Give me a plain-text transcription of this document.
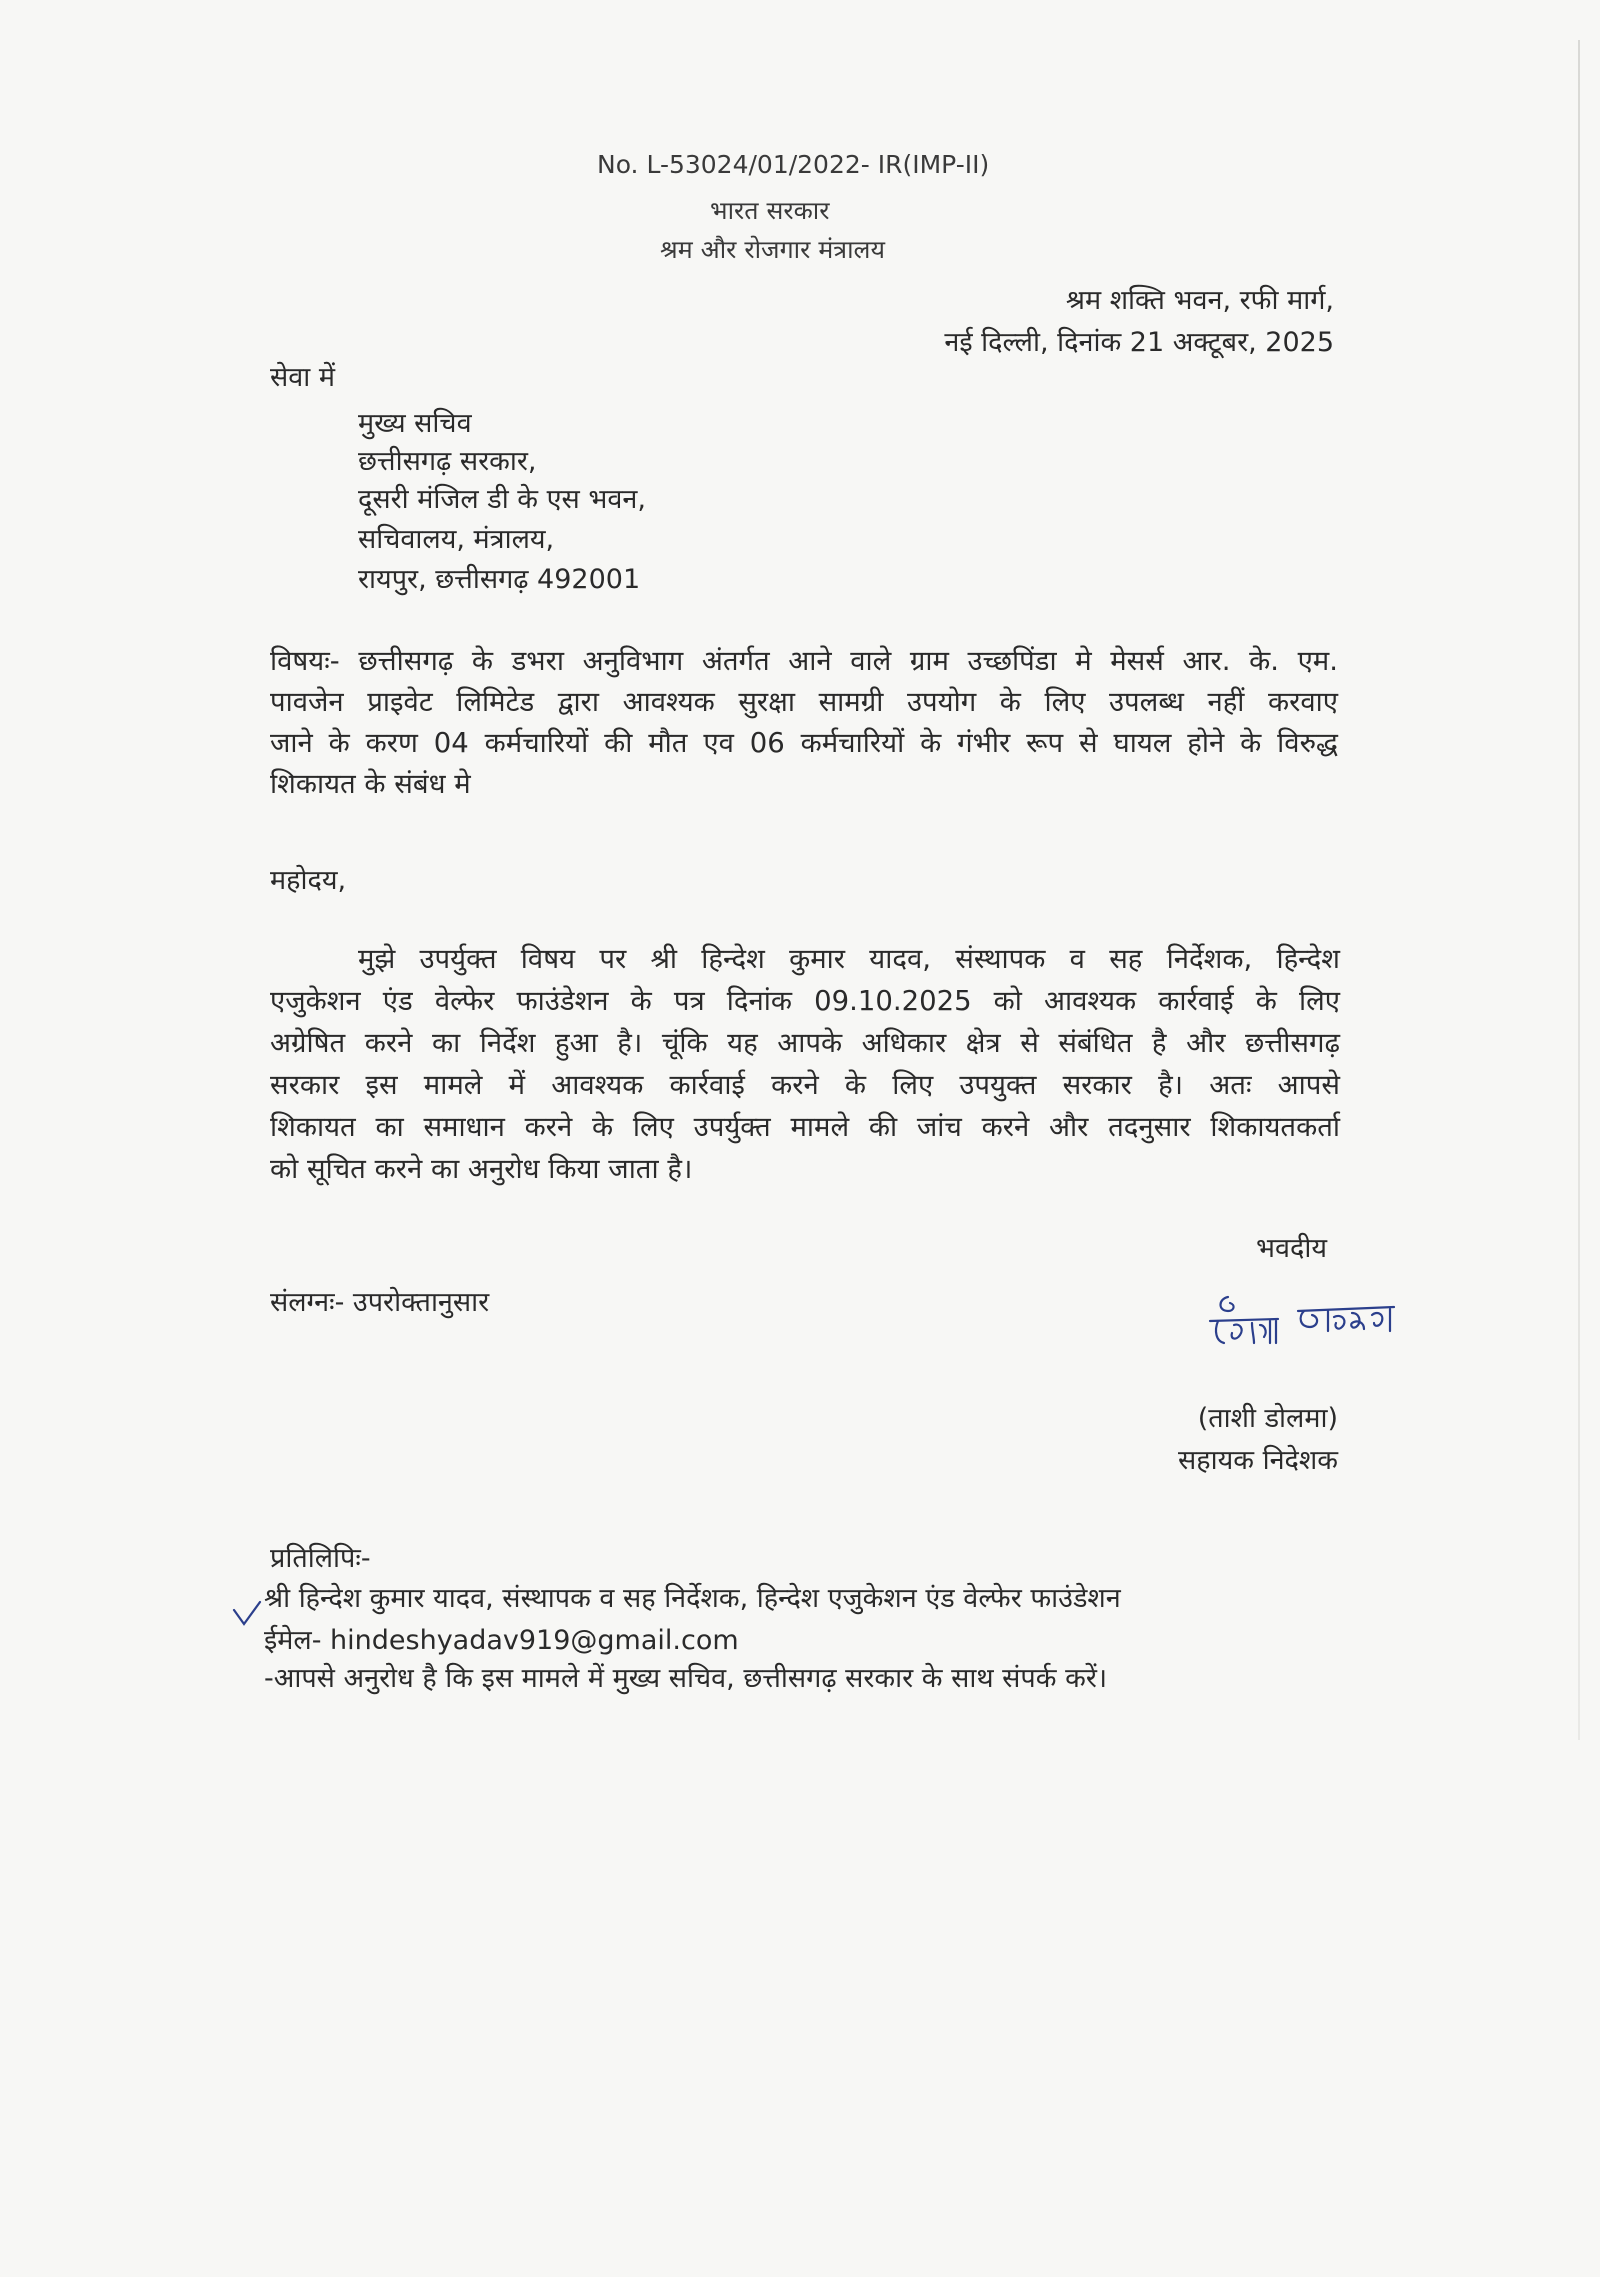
No. L-53024/01/2022- IR(IMP-II)
भारत सरकार
श्रम और रोजगार मंत्रालय
श्रम शक्ति भवन, रफी मार्ग,
नई दिल्ली, दिनांक 21 अक्टूबर, 2025
सेवा में
मुख्य सचिव
छत्तीसगढ़ सरकार,
दूसरी मंजिल डी के एस भवन,
सचिवालय, मंत्रालय,
रायपुर, छत्तीसगढ़ 492001
विषयः- छत्तीसगढ़ के डभरा अनुविभाग अंतर्गत आने वाले ग्राम उच्छपिंडा मे मेसर्स आर. के. एम.
पावजेन प्राइवेट लिमिटेड द्वारा आवश्यक सुरक्षा सामग्री उपयोग के लिए उपलब्ध नहीं करवाए
जाने के करण 04 कर्मचारियों की मौत एव 06 कर्मचारियों के गंभीर रूप से घायल होने के विरुद्ध
शिकायत के संबंध मे
महोदय,
मुझे उपर्युक्त विषय पर श्री हिन्देश कुमार यादव, संस्थापक व सह निर्देशक, हिन्देश
एजुकेशन एंड वेल्फेर फाउंडेशन के पत्र दिनांक 09.10.2025 को आवश्यक कार्रवाई के लिए
अग्रेषित करने का निर्देश हुआ है। चूंकि यह आपके अधिकार क्षेत्र से संबंधित है और छत्तीसगढ़
सरकार इस मामले में आवश्यक कार्रवाई करने के लिए उपयुक्त सरकार है। अतः आपसे
शिकायत का समाधान करने के लिए उपर्युक्त मामले की जांच करने और तदनुसार शिकायतकर्ता
को सूचित करने का अनुरोध किया जाता है।
भवदीय
संलग्नः- उपरोक्तानुसार
ताशी डोलमा
(ताशी डोलमा)
सहायक निदेशक
प्रतिलिपिः-
श्री हिन्देश कुमार यादव, संस्थापक व सह निर्देशक, हिन्देश एजुकेशन एंड वेल्फेर फाउंडेशन
ईमेल- hindeshyadav919@gmail.com
-आपसे अनुरोध है कि इस मामले में मुख्य सचिव, छत्तीसगढ़ सरकार के साथ संपर्क करें।
